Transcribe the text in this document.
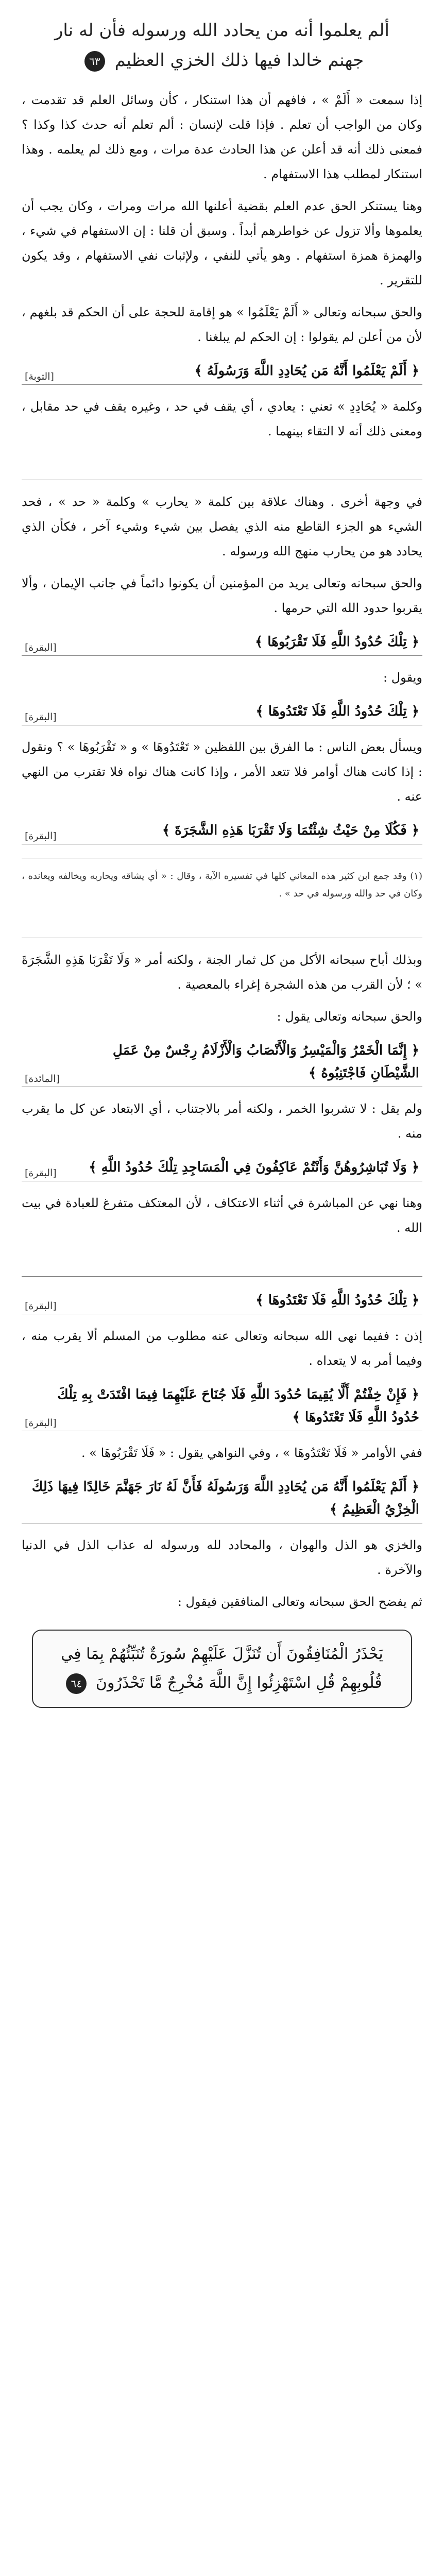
ألم يعلموا أنه من يحادد الله ورسوله فأن له نار جهنم خالدا فيها ذلك الخزي العظيم ٦٣

إذا سمعت « أَلَمْ » ، فافهم أن هذا استنكار ، كأن وسائل العلم قد تقدمت ، وكان من الواجب أن تعلم . فإذا قلت لإنسان : ألم تعلم أنه حدث كذا وكذا ؟ فمعنى ذلك أنه قد أعلن عن هذا الحادث عدة مرات ، ومع ذلك لم يعلمه . وهذا استنكار لمطلب هذا الاستفهام .

وهنا يستنكر الحق عدم العلم بقضية أعلنها الله مرات ومرات ، وكان يجب أن يعلموها وألا تزول عن خواطرهم أبداً . وسبق أن قلنا : إن الاستفهام في شيء ، والهمزة همزة استفهام . وهو يأتي للنفي ، ولإثبات نفي الاستفهام ، وقد يكون للتقرير .

والحق سبحانه وتعالى « أَلَمْ يَعْلَمُوا » هو إقامة للحجة على أن الحكم قد بلغهم ، لأن من أعلن لم يقولوا : إن الحكم لم يبلغنا .

﴿ أَلَمْ يَعْلَمُوا أَنَّهُ مَن يُحَادِدِ اللَّهَ وَرَسُولَهُ ﴾
[التوبة]

وكلمة « يُحَادِدِ » تعني : يعادي ، أي يقف في حد ، وغيره يقف في حد مقابل ، ومعنى ذلك أنه لا التقاء بينهما .

في وجهة أخرى . وهناك علاقة بين كلمة « يحارب » وكلمة « حد » ، فحد الشيء هو الجزء القاطع منه الذي يفصل بين شيء وشيء آخر ، فكأن الذي يحادد هو من يحارب منهج الله ورسوله .

والحق سبحانه وتعالى يريد من المؤمنين أن يكونوا دائماً في جانب الإيمان ، وألا يقربوا حدود الله التي حرمها .

﴿ تِلْكَ حُدُودُ اللَّهِ فَلَا تَقْرَبُوهَا ﴾
[البقرة]

ويقول :

﴿ تِلْكَ حُدُودُ اللَّهِ فَلَا تَعْتَدُوهَا ﴾
[البقرة]

ويسأل بعض الناس : ما الفرق بين اللفظين « تَعْتَدُوهَا » و « تَقْرَبُوهَا » ؟ ونقول : إذا كانت هناك أوامر فلا تتعد الأمر ، وإذا كانت هناك نواه فلا تقترب من النهي عنه .

﴿ فَكُلَا مِنْ حَيْثُ شِئْتُمَا وَلَا تَقْرَبَا هَذِهِ الشَّجَرَةَ ﴾
[البقرة]

(١) وقد جمع ابن كثير هذه المعاني كلها في تفسيره الآية ، وقال : « أي يشاقه ويحاربه ويخالفه ويعانده ، وكان في حد والله ورسوله في حد » .

وبذلك أباح سبحانه الأكل من كل ثمار الجنة ، ولكنه أمر « وَلَا تَقْرَبَا هَذِهِ الشَّجَرَةَ » ؛ لأن القرب من هذه الشجرة إغراء بالمعصية .

والحق سبحانه وتعالى يقول :

﴿ إِنَّمَا الْخَمْرُ وَالْمَيْسِرُ وَالْأَنْصَابُ وَالْأَزْلَامُ رِجْسٌ مِنْ عَمَلِ الشَّيْطَانِ فَاجْتَنِبُوهُ ﴾
[المائدة]

ولم يقل : لا تشربوا الخمر ، ولكنه أمر بالاجتناب ، أي الابتعاد عن كل ما يقرب منه .

﴿ وَلَا تُبَاشِرُوهُنَّ وَأَنْتُمْ عَاكِفُونَ فِي الْمَسَاجِدِ تِلْكَ حُدُودُ اللَّهِ ﴾
[البقرة]

وهنا نهي عن المباشرة في أثناء الاعتكاف ، لأن المعتكف متفرغ للعبادة في بيت الله .

﴿ تِلْكَ حُدُودُ اللَّهِ فَلَا تَعْتَدُوهَا ﴾
[البقرة]

إذن : ففيما نهى الله سبحانه وتعالى عنه مطلوب من المسلم ألا يقرب منه ، وفيما أمر به لا يتعداه .

﴿ فَإِنْ خِفْتُمْ أَلَّا يُقِيمَا حُدُودَ اللَّهِ فَلَا جُنَاحَ عَلَيْهِمَا فِيمَا افْتَدَتْ بِهِ تِلْكَ حُدُودُ اللَّهِ فَلَا تَعْتَدُوهَا ﴾
[البقرة]

ففي الأوامر « فَلَا تَعْتَدُوهَا » ، وفي النواهي يقول : « فَلَا تَقْرَبُوهَا » .

﴿ أَلَمْ يَعْلَمُوا أَنَّهُ مَن يُحَادِدِ اللَّهَ وَرَسُولَهُ فَأَنَّ لَهُ نَارَ جَهَنَّمَ خَالِدًا فِيهَا ذَلِكَ الْخِزْيُ الْعَظِيمُ ﴾

والخزي هو الذل والهوان ، والمحادد لله ورسوله له عذاب الذل في الدنيا والآخرة .

ثم يفضح الحق سبحانه وتعالى المنافقين فيقول :

يَحْذَرُ الْمُنَافِقُونَ أَن تُنَزَّلَ عَلَيْهِمْ سُورَةٌ تُنَبِّئُهُمْ بِمَا فِي قُلُوبِهِمْ قُلِ اسْتَهْزِئُوا إِنَّ اللَّهَ مُخْرِجٌ مَّا تَحْذَرُونَ ٦٤
